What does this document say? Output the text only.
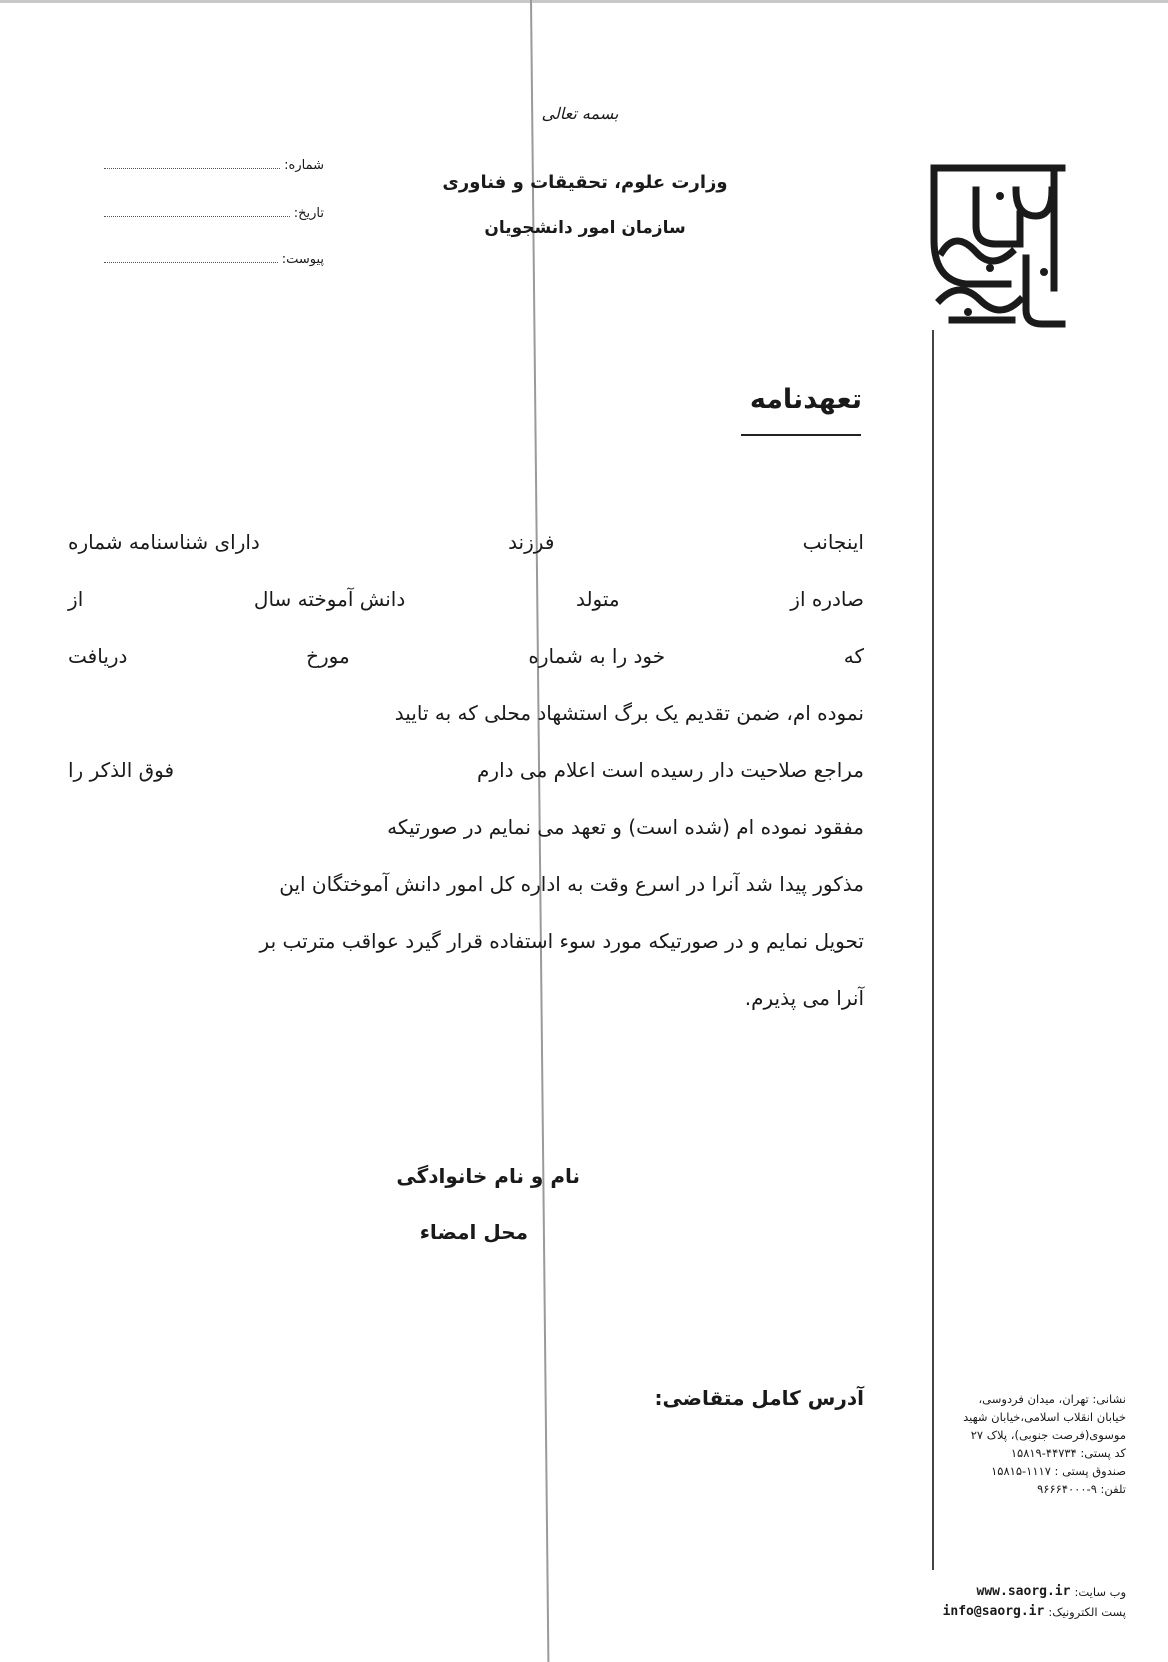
بسمه تعالی
شماره:
تاریخ:
پیوست:
وزارت علوم، تحقیقات و فناوری
سازمان امور دانشجویان
تعهدنامه
اینجانب
فرزند
دارای شناسنامه شماره
صادره از
متولد
دانش آموخته سال
از
که
خود را به شماره
مورخ
دریافت
نموده ام، ضمن تقدیم یک برگ استشهاد محلی که به تایید
مراجع صلاحیت دار رسیده است اعلام می دارم
فوق الذکر را
مفقود نموده ام (شده است) و تعهد می نمایم در صورتیکه
مذکور پیدا شد آنرا در اسرع وقت به اداره کل امور دانش آموختگان این
تحویل نمایم و در صورتیکه مورد سوء استفاده قرار گیرد عواقب مترتب بر
آنرا می پذیرم.
نام و نام خانوادگی
محل امضاء
آدرس کامل متقاضی:	نشانی: تهران، میدان فردوسی،
خیابان انقلاب اسلامی،خیابان شهید
موسوی(فرصت جنوبی)، پلاک ۲۷
کد پستی: ۴۴۷۳۴-۱۵۸۱۹
صندوق پستی : ۱۱۱۷-۱۵۸۱۵
تلفن: ۹-۹۶۶۶۴۰۰۰
وب سایت:
www.saorg.ir
پست الکترونیک:
info@saorg.ir
